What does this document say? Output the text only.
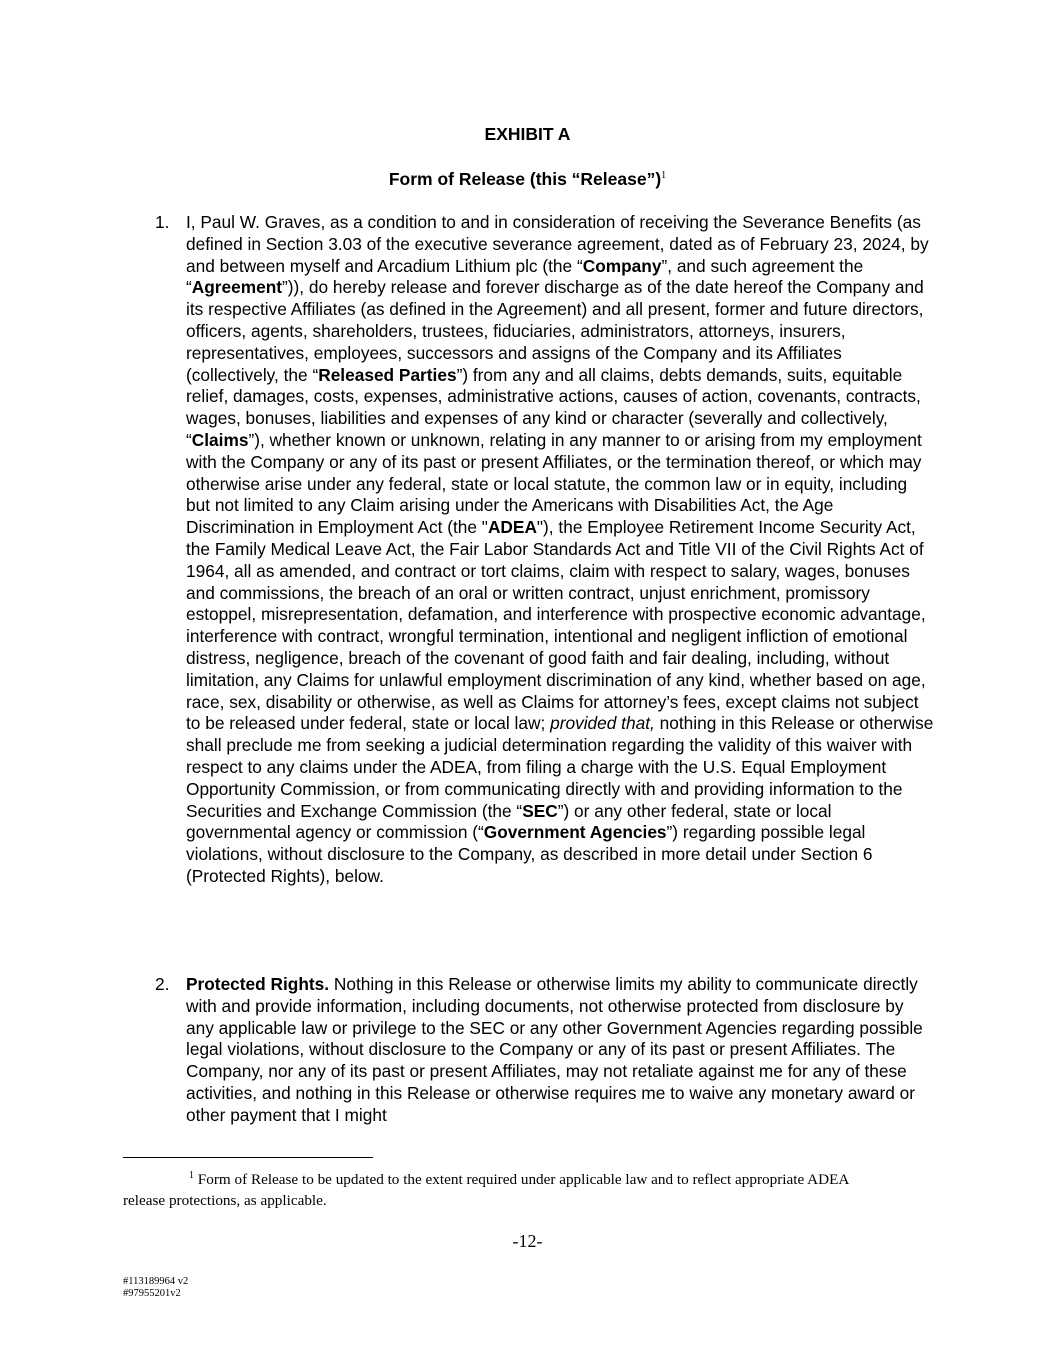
EXHIBIT A
Form of Release (this “Release”)$^1$
1. I, Paul W. Graves, as a condition to and in consideration of receiving the Severance Benefits (as defined in Section 3.03 of the executive severance agreement, dated as of February 23, 2024, by and between myself and Arcadium Lithium plc (the “Company”, and such agreement the “Agreement”)), do hereby release and forever discharge as of the date hereof the Company and its respective Affiliates (as defined in the Agreement) and all present, former and future directors, officers, agents, shareholders, trustees, fiduciaries, administrators, attorneys, insurers, representatives, employees, successors and assigns of the Company and its Affiliates (collectively, the “Released Parties”) from any and all claims, debts demands, suits, equitable relief, damages, costs, expenses, administrative actions, causes of action, covenants, contracts, wages, bonuses, liabilities and expenses of any kind or character (severally and collectively, “Claims”), whether known or unknown, relating in any manner to or arising from my employment with the Company or any of its past or present Affiliates, or the termination thereof, or which may otherwise arise under any federal, state or local statute, the common law or in equity, including but not limited to any Claim arising under the Americans with Disabilities Act, the Age Discrimination in Employment Act (the "ADEA"), the Employee Retirement Income Security Act, the Family Medical Leave Act, the Fair Labor Standards Act and Title VII of the Civil Rights Act of 1964, all as amended, and contract or tort claims, claim with respect to salary, wages, bonuses and commissions, the breach of an oral or written contract, unjust enrichment, promissory estoppel, misrepresentation, defamation, and interference with prospective economic advantage, interference with contract, wrongful termination, intentional and negligent infliction of emotional distress, negligence, breach of the covenant of good faith and fair dealing, including, without limitation, any Claims for unlawful employment discrimination of any kind, whether based on age, race, sex, disability or otherwise, as well as Claims for attorney’s fees, except claims not subject to be released under federal, state or local law; provided that, nothing in this Release or otherwise shall preclude me from seeking a judicial determination regarding the validity of this waiver with respect to any claims under the ADEA, from filing a charge with the U.S. Equal Employment Opportunity Commission, or from communicating directly with and providing information to the Securities and Exchange Commission (the “SEC”) or any other federal, state or local governmental agency or commission (“Government Agencies”) regarding possible legal violations, without disclosure to the Company, as described in more detail under Section 6 (Protected Rights), below.
2. Protected Rights. Nothing in this Release or otherwise limits my ability to communicate directly with and provide information, including documents, not otherwise protected from disclosure by any applicable law or privilege to the SEC or any other Government Agencies regarding possible legal violations, without disclosure to the Company or any of its past or present Affiliates. The Company, nor any of its past or present Affiliates, may not retaliate against me for any of these activities, and nothing in this Release or otherwise requires me to waive any monetary award or other payment that I might
$^1$ Form of Release to be updated to the extent required under applicable law and to reflect appropriate ADEA release protections, as applicable.
-12-
#113189964 v2
#97955201v2
